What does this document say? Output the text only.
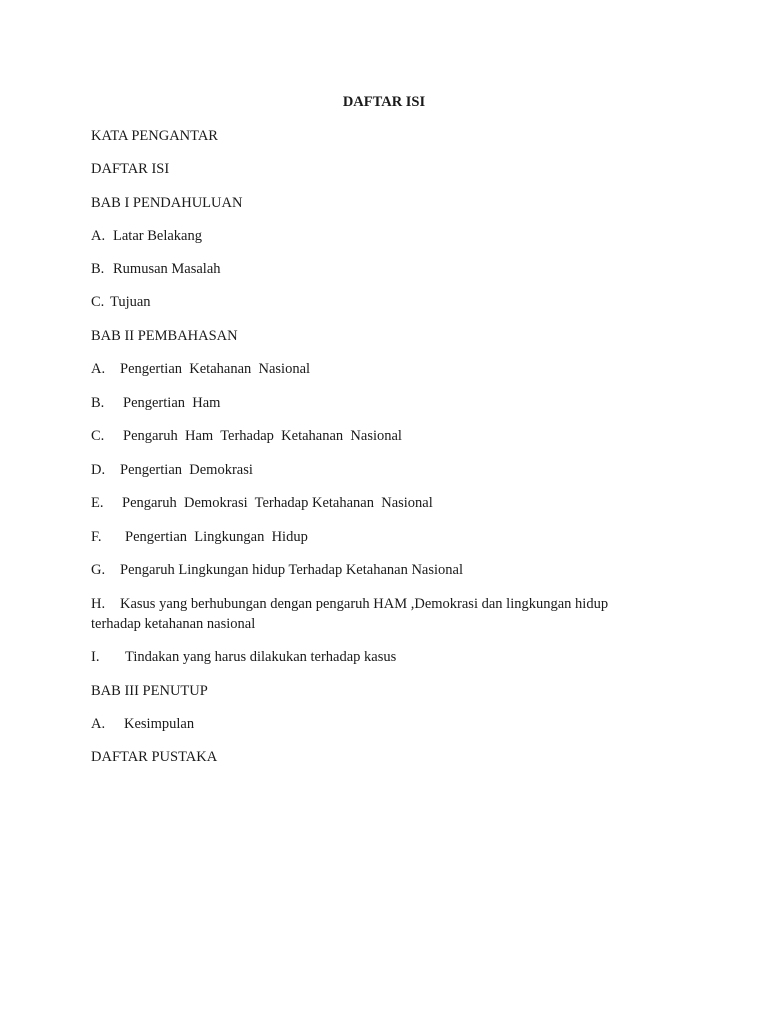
DAFTAR ISI

KATA PENGANTAR

DAFTAR ISI

BAB I PENDAHULUAN

A. Latar Belakang

B. Rumusan Masalah

C. Tujuan

BAB II PEMBAHASAN

A. Pengertian  Ketahanan  Nasional

B. Pengertian  Ham

C. Pengaruh  Ham  Terhadap  Ketahanan  Nasional

D. Pengertian  Demokrasi

E. Pengaruh  Demokrasi  Terhadap Ketahanan  Nasional

F. Pengertian  Lingkungan  Hidup

G. Pengaruh Lingkungan hidup Terhadap Ketahanan Nasional

H. Kasus yang berhubungan dengan pengaruh HAM ,Demokrasi dan lingkungan hidup terhadap ketahanan nasional

I. Tindakan yang harus dilakukan terhadap kasus

BAB III PENUTUP

A. Kesimpulan

DAFTAR PUSTAKA
